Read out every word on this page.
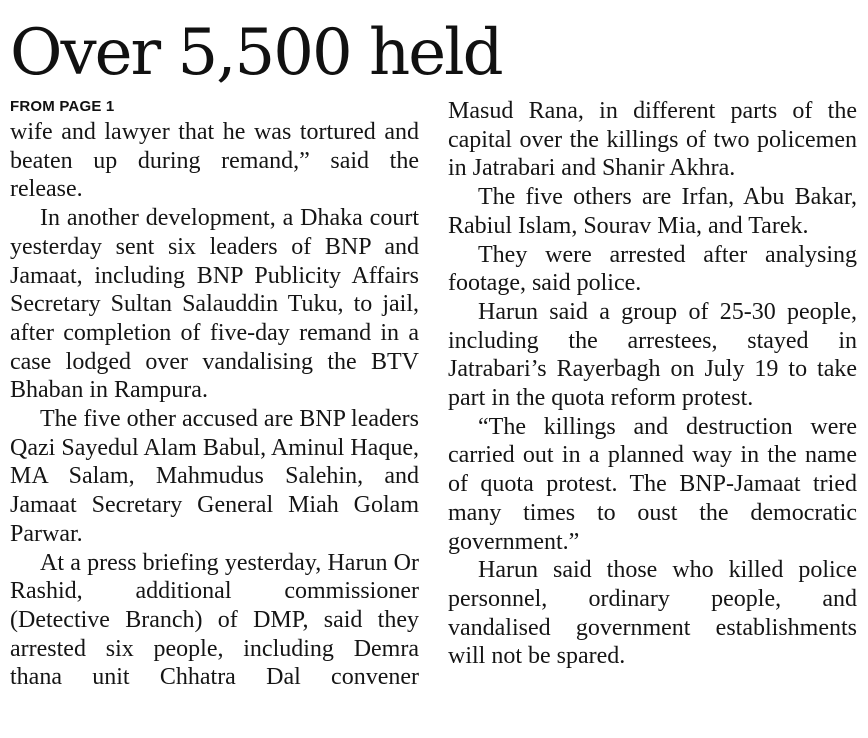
Over 5,500 held

FROM PAGE 1

wife and lawyer that he was tortured and beaten up during remand,” said the release.

In another development, a Dhaka court yesterday sent six leaders of BNP and Jamaat, including BNP Publicity Affairs Secretary Sultan Salauddin Tuku, to jail, after completion of five-day remand in a case lodged over vandalising the BTV Bhaban in Rampura.

The five other accused are BNP leaders Qazi Sayedul Alam Babul, Aminul Haque, MA Salam, Mahmudus Salehin, and Jamaat Secretary General Miah Golam Parwar.

At a press briefing yesterday, Harun Or Rashid, additional commissioner (Detective Branch) of DMP, said they arrested six people, including Demra thana unit Chhatra Dal convener

Masud Rana, in different parts of the capital over the killings of two policemen in Jatrabari and Shanir Akhra.

The five others are Irfan, Abu Bakar, Rabiul Islam, Sourav Mia, and Tarek.

They were arrested after analysing footage, said police.

Harun said a group of 25-30 people, including the arrestees, stayed in Jatrabari’s Rayerbagh on July 19 to take part in the quota reform protest.

“The killings and destruction were carried out in a planned way in the name of quota protest. The BNP-Jamaat tried many times to oust the democratic government.”

Harun said those who killed police personnel, ordinary people, and vandalised government establishments will not be spared.
